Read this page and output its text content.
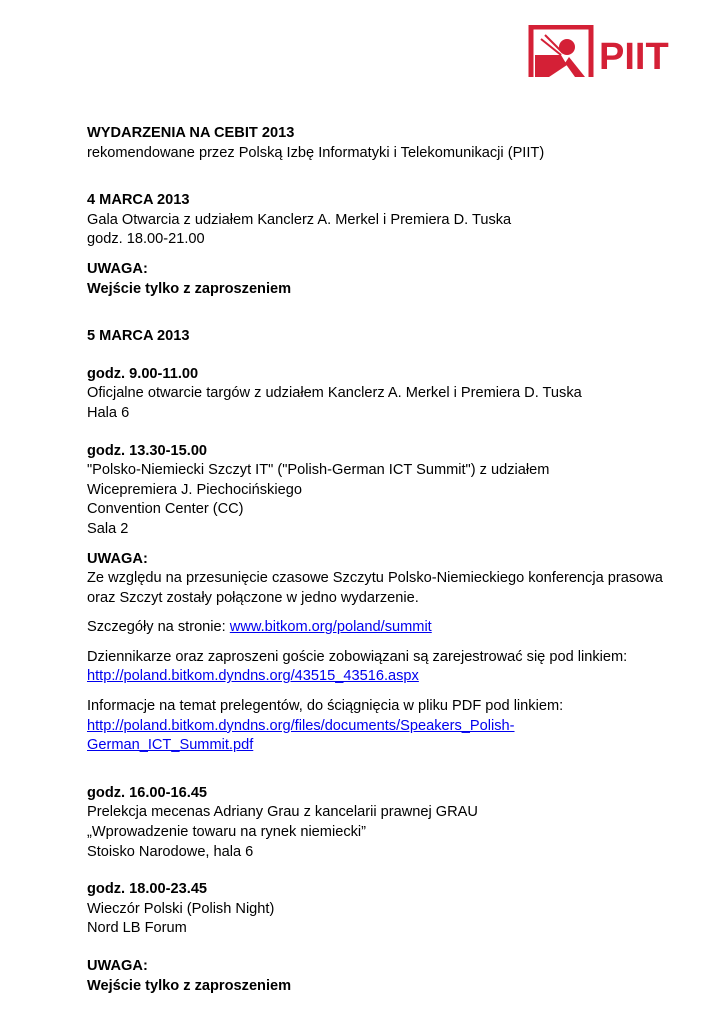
PIIT
WYDARZENIA NA CEBIT 2013
rekomendowane przez Polską Izbę Informatyki i Telekomunikacji (PIIT)
4 MARCA 2013
Gala Otwarcia z udziałem Kanclerz A. Merkel i Premiera D. Tuska
godz. 18.00-21.00
UWAGA:
Wejście tylko z zaproszeniem
5 MARCA 2013
godz. 9.00-11.00
Oficjalne otwarcie targów z udziałem Kanclerz A. Merkel i Premiera D. Tuska
Hala 6
godz. 13.30-15.00
"Polsko-Niemiecki Szczyt IT" ("Polish-German ICT Summit") z udziałem
Wicepremiera J. Piechocińskiego
Convention Center (CC)
Sala 2
UWAGA:
Ze względu na przesunięcie czasowe Szczytu Polsko-Niemieckiego konferencja prasowa
oraz Szczyt zostały połączone w jedno wydarzenie.
Szczegóły na stronie: www.bitkom.org/poland/summit
Dziennikarze oraz zaproszeni goście zobowiązani są zarejestrować się pod linkiem:
http://poland.bitkom.dyndns.org/43515_43516.aspx
Informacje na temat prelegentów, do ściągnięcia w pliku PDF pod linkiem:
http://poland.bitkom.dyndns.org/files/documents/Speakers_Polish-
German_ICT_Summit.pdf
godz. 16.00-16.45
Prelekcja mecenas Adriany Grau z kancelarii prawnej GRAU
„Wprowadzenie towaru na rynek niemiecki”
Stoisko Narodowe, hala 6
godz. 18.00-23.45
Wieczór Polski (Polish Night)
Nord LB Forum
UWAGA:
Wejście tylko z zaproszeniem
